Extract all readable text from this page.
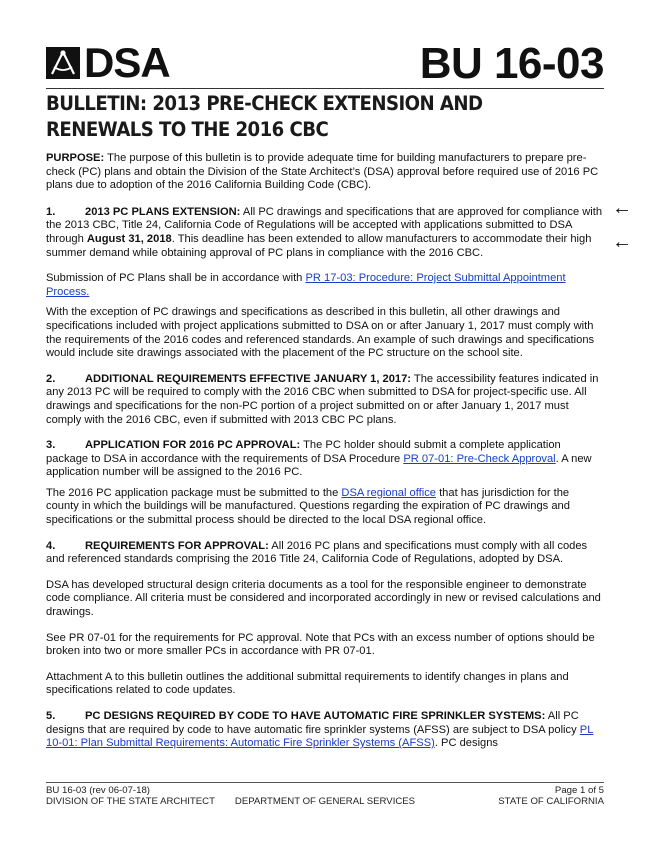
DSA	BU 16-03
BULLETIN: 2013 PRE-CHECK EXTENSION AND RENEWALS TO THE 2016 CBC

PURPOSE: The purpose of this bulletin is to provide adequate time for building manufacturers to prepare pre-check (PC) plans and obtain the Division of the State Architect’s (DSA) approval before required use of 2016 PC plans due to adoption of the 2016 California Building Code (CBC).

1.	2013 PC PLANS EXTENSION: All PC drawings and specifications that are approved for compliance with the 2013 CBC, Title 24, California Code of Regulations will be accepted with applications submitted to DSA through August 31, 2018. This deadline has been extended to allow manufacturers to accommodate their high summer demand while obtaining approval of PC plans in compliance with the 2016 CBC.

Submission of PC Plans shall be in accordance with PR 17-03: Procedure: Project Submittal Appointment Process.

With the exception of PC drawings and specifications as described in this bulletin, all other drawings and specifications included with project applications submitted to DSA on or after January 1, 2017 must comply with the requirements of the 2016 codes and referenced standards. An example of such drawings and specifications would include site drawings associated with the placement of the PC structure on the school site.

2.	ADDITIONAL REQUIREMENTS EFFECTIVE JANUARY 1, 2017: The accessibility features indicated in any 2013 PC will be required to comply with the 2016 CBC when submitted to DSA for project-specific use. All drawings and specifications for the non-PC portion of a project submitted on or after January 1, 2017 must comply with the 2016 CBC, even if submitted with 2013 CBC PC plans.

3.	APPLICATION FOR 2016 PC APPROVAL: The PC holder should submit a complete application package to DSA in accordance with the requirements of DSA Procedure PR 07-01: Pre-Check Approval. A new application number will be assigned to the 2016 PC.

The 2016 PC application package must be submitted to the DSA regional office that has jurisdiction for the county in which the buildings will be manufactured. Questions regarding the expiration of PC drawings and specifications or the submittal process should be directed to the local DSA regional office.

4.	REQUIREMENTS FOR APPROVAL: All 2016 PC plans and specifications must comply with all codes and referenced standards comprising the 2016 Title 24, California Code of Regulations, adopted by DSA.

DSA has developed structural design criteria documents as a tool for the responsible engineer to demonstrate code compliance. All criteria must be considered and incorporated accordingly in new or revised calculations and drawings.

See PR 07-01 for the requirements for PC approval. Note that PCs with an excess number of options should be broken into two or more smaller PCs in accordance with PR 07-01.

Attachment A to this bulletin outlines the additional submittal requirements to identify changes in plans and specifications related to code updates.

5.	PC DESIGNS REQUIRED BY CODE TO HAVE AUTOMATIC FIRE SPRINKLER SYSTEMS: All PC designs that are required by code to have automatic fire sprinkler systems (AFSS) are subject to DSA policy PL 10-01: Plan Submittal Requirements: Automatic Fire Sprinkler Systems (AFSS). PC designs

←
←
BU 16-03 (rev 06-07-18)	Page 1 of 5
DIVISION OF THE STATE ARCHITECT	DEPARTMENT OF GENERAL SERVICES	STATE OF CALIFORNIA
